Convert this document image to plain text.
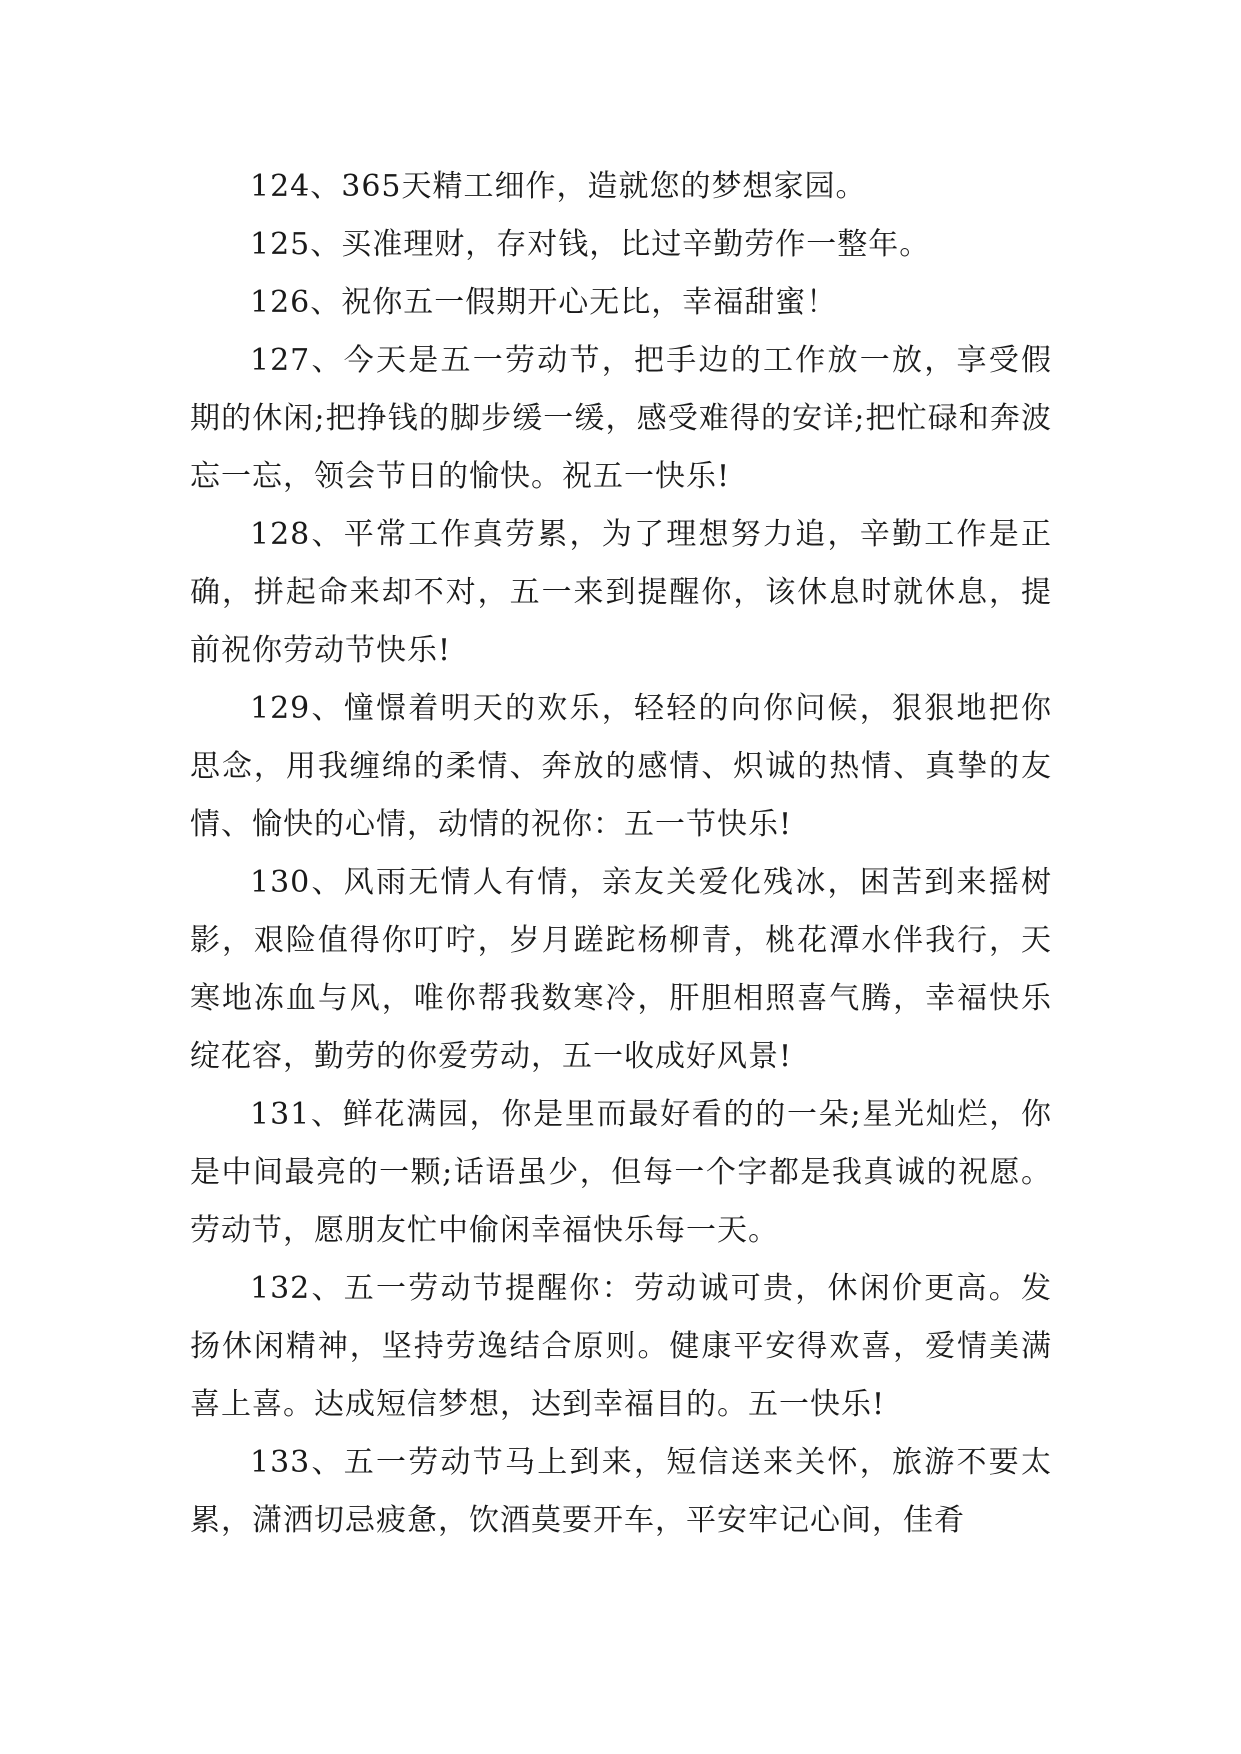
124、365天精工细作，造就您的梦想家园。

125、买准理财，存对钱，比过辛勤劳作一整年。

126、祝你五一假期开心无比，幸福甜蜜！

127、今天是五一劳动节，把手边的工作放一放，享受假期的休闲;把挣钱的脚步缓一缓，感受难得的安详;把忙碌和奔波忘一忘，领会节日的愉快。祝五一快乐!

128、平常工作真劳累，为了理想努力追，辛勤工作是正确，拼起命来却不对，五一来到提醒你，该休息时就休息，提前祝你劳动节快乐!

129、憧憬着明天的欢乐，轻轻的向你问候，狠狠地把你思念，用我缠绵的柔情、奔放的感情、炽诚的热情、真挚的友情、愉快的心情，动情的祝你：五一节快乐!

130、风雨无情人有情，亲友关爱化残冰，困苦到来摇树影，艰险值得你叮咛，岁月蹉跎杨柳青，桃花潭水伴我行，天寒地冻血与风，唯你帮我数寒冷，肝胆相照喜气腾，幸福快乐绽花容，勤劳的你爱劳动，五一收成好风景!

131、鲜花满园，你是里而最好看的的一朵;星光灿烂，你是中间最亮的一颗;话语虽少，但每一个字都是我真诚的祝愿。劳动节，愿朋友忙中偷闲幸福快乐每一天。

132、五一劳动节提醒你：劳动诚可贵，休闲价更高。发扬休闲精神，坚持劳逸结合原则。健康平安得欢喜，爱情美满喜上喜。达成短信梦想，达到幸福目的。五一快乐!

133、五一劳动节马上到来，短信送来关怀，旅游不要太累，潇洒切忌疲惫，饮酒莫要开车，平安牢记心间，佳肴
